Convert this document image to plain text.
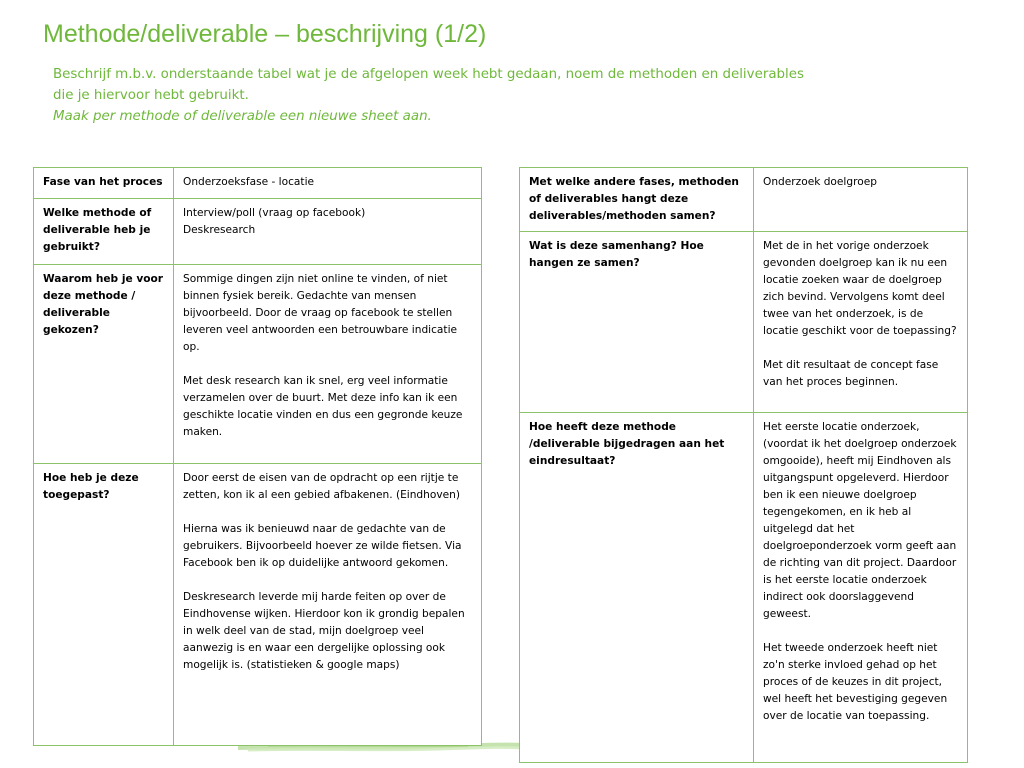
Methode/deliverable – beschrijving (1/2)

Beschrijf m.b.v. onderstaande tabel wat je de afgelopen week hebt gedaan, noem de methoden en deliverables die je hiervoor hebt gebruikt.

Maak per methode of deliverable een nieuwe sheet aan.

Fase van het proces	Onderzoeksfase - locatie

Welke methode of deliverable heb je gebruikt?	Interview/poll (vraag op facebook)
Deskresearch

Waarom heb je voor deze methode / deliverable gekozen?	Sommige dingen zijn niet online te vinden, of niet binnen fysiek bereik. Gedachte van mensen bijvoorbeeld. Door de vraag op facebook te stellen leveren veel antwoorden een betrouwbare indicatie op.
Met desk research kan ik snel, erg veel informatie verzamelen over de buurt. Met deze info kan ik een geschikte locatie vinden en dus een gegronde keuze maken.

Hoe heb je deze toegepast?	Door eerst de eisen van de opdracht op een rijtje te zetten, kon ik al een gebied afbakenen. (Eindhoven)
Hierna was ik benieuwd naar de gedachte van de gebruikers. Bijvoorbeeld hoever ze wilde fietsen. Via Facebook ben ik op duidelijke antwoord gekomen.
Deskresearch leverde mij harde feiten op over de Eindhovense wijken. Hierdoor kon ik grondig bepalen in welk deel van de stad, mijn doelgroep veel aanwezig is en waar een dergelijke oplossing ook mogelijk is. (statistieken & google maps)
Met welke andere fases, methoden of deliverables hangt deze deliverables/methoden samen?	Onderzoek doelgroep

Wat is deze samenhang? Hoe hangen ze samen?	Met de in het vorige onderzoek gevonden doelgroep kan ik nu een locatie zoeken waar de doelgroep zich bevind. Vervolgens komt deel twee van het onderzoek, is de locatie geschikt voor de toepassing?
Met dit resultaat de concept fase van het proces beginnen.

Hoe heeft deze methode /deliverable bijgedragen aan het eindresultaat?	Het eerste locatie onderzoek, (voordat ik het doelgroep onderzoek omgooide), heeft mij Eindhoven als uitgangspunt opgeleverd. Hierdoor ben ik een nieuwe doelgroep tegengekomen, en ik heb al uitgelegd dat het doelgroeponderzoek vorm geeft aan de richting van dit project. Daardoor is het eerste locatie onderzoek indirect ook doorslaggevend geweest.
Het tweede onderzoek heeft niet zo'n sterke invloed gehad op het proces of de keuzes in dit project, wel heeft het bevestiging gegeven over de locatie van toepassing.
